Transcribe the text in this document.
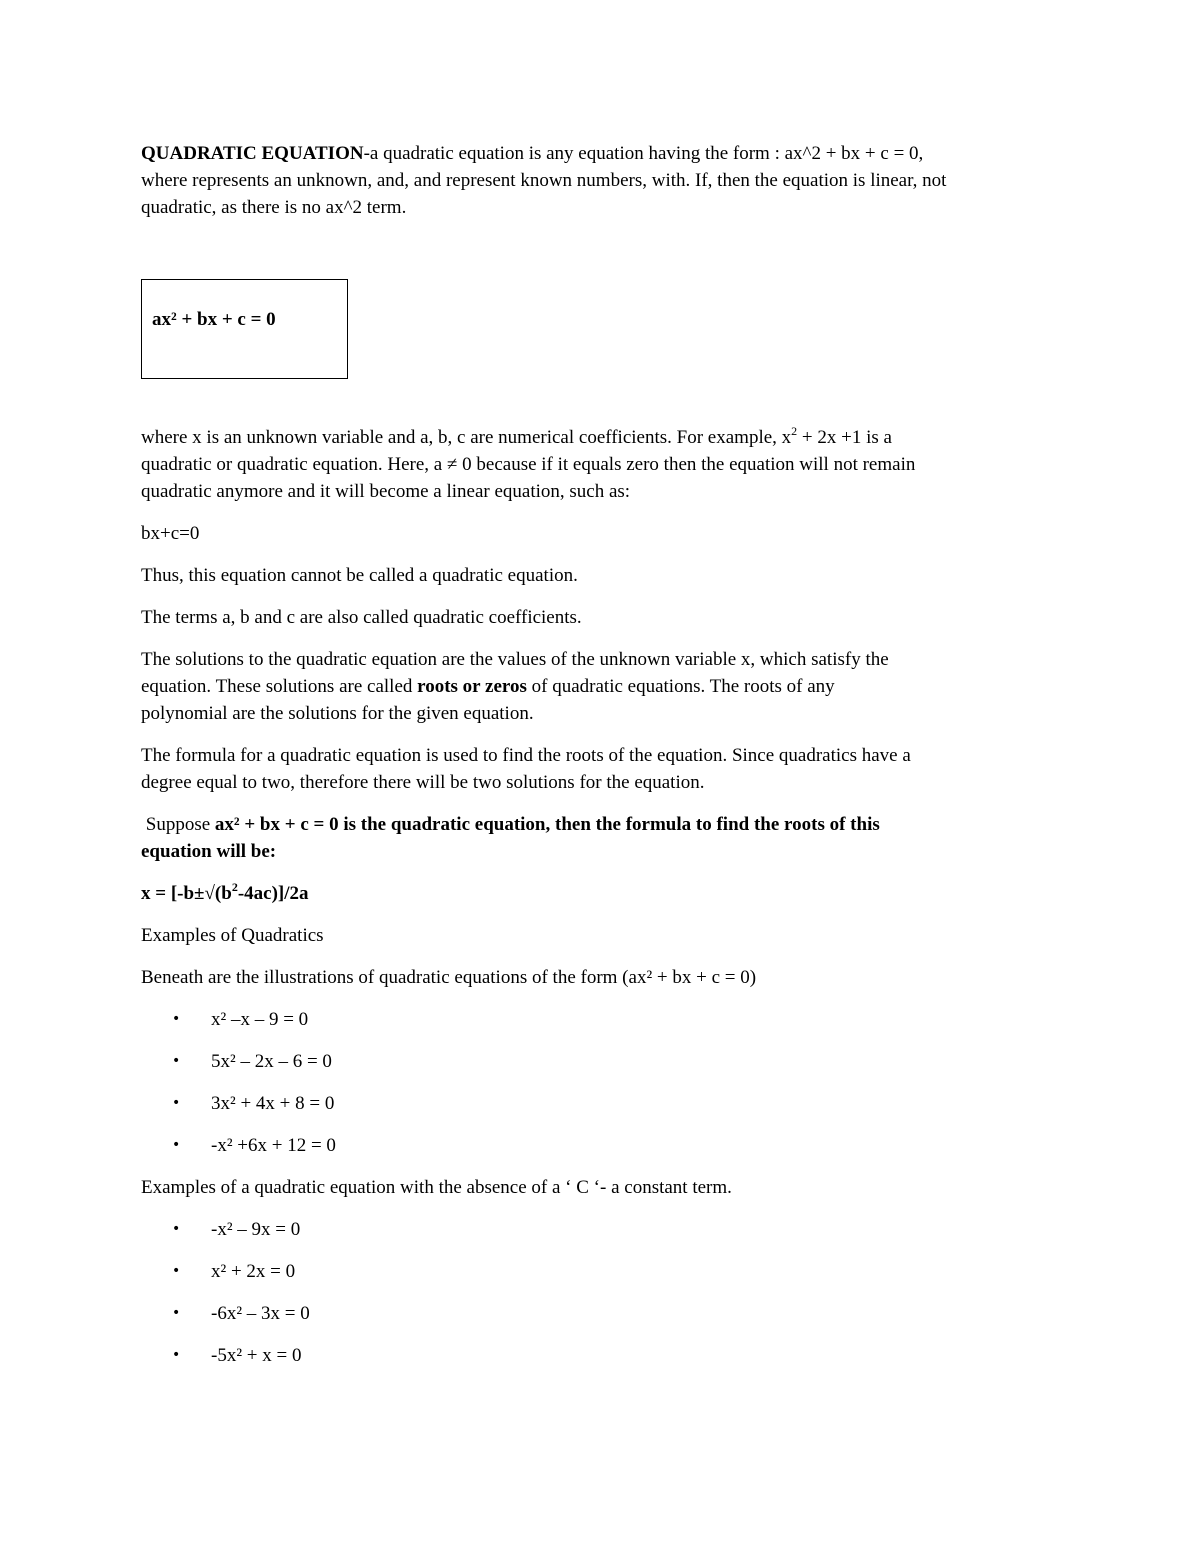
QUADRATIC EQUATION-a quadratic equation is any equation having the form : ax^2 + bx + c = 0,
where represents an unknown, and, and represent known numbers, with. If, then the equation is linear, not
quadratic, as there is no ax^2 term.

ax² + bx + c = 0

where x is an unknown variable and a, b, c are numerical coefficients. For example, $x^2 + 2x +1$ is a
quadratic or quadratic equation. Here, a ≠ 0 because if it equals zero then the equation will not remain
quadratic anymore and it will become a linear equation, such as:

bx+c=0

Thus, this equation cannot be called a quadratic equation.

The terms a, b and c are also called quadratic coefficients.

The solutions to the quadratic equation are the values of the unknown variable x, which satisfy the
equation. These solutions are called roots or zeros of quadratic equations. The roots of any
polynomial are the solutions for the given equation.

The formula for a quadratic equation is used to find the roots of the equation. Since quadratics have a
degree equal to two, therefore there will be two solutions for the equation.

Suppose ax² + bx + c = 0 is the quadratic equation, then the formula to find the roots of this
equation will be:

$x = [-b\pm√(b^2-4ac)]/2a$

Examples of Quadratics

Beneath are the illustrations of quadratic equations of the form (ax² + bx + c = 0)

• x² –x – 9 = 0
• 5x² – 2x – 6 = 0
• 3x² + 4x + 8 = 0
• -x² +6x + 12 = 0

Examples of a quadratic equation with the absence of a ‘ C ‘- a constant term.

• -x² – 9x = 0
• x² + 2x = 0
• -6x² – 3x = 0
• -5x² + x = 0
